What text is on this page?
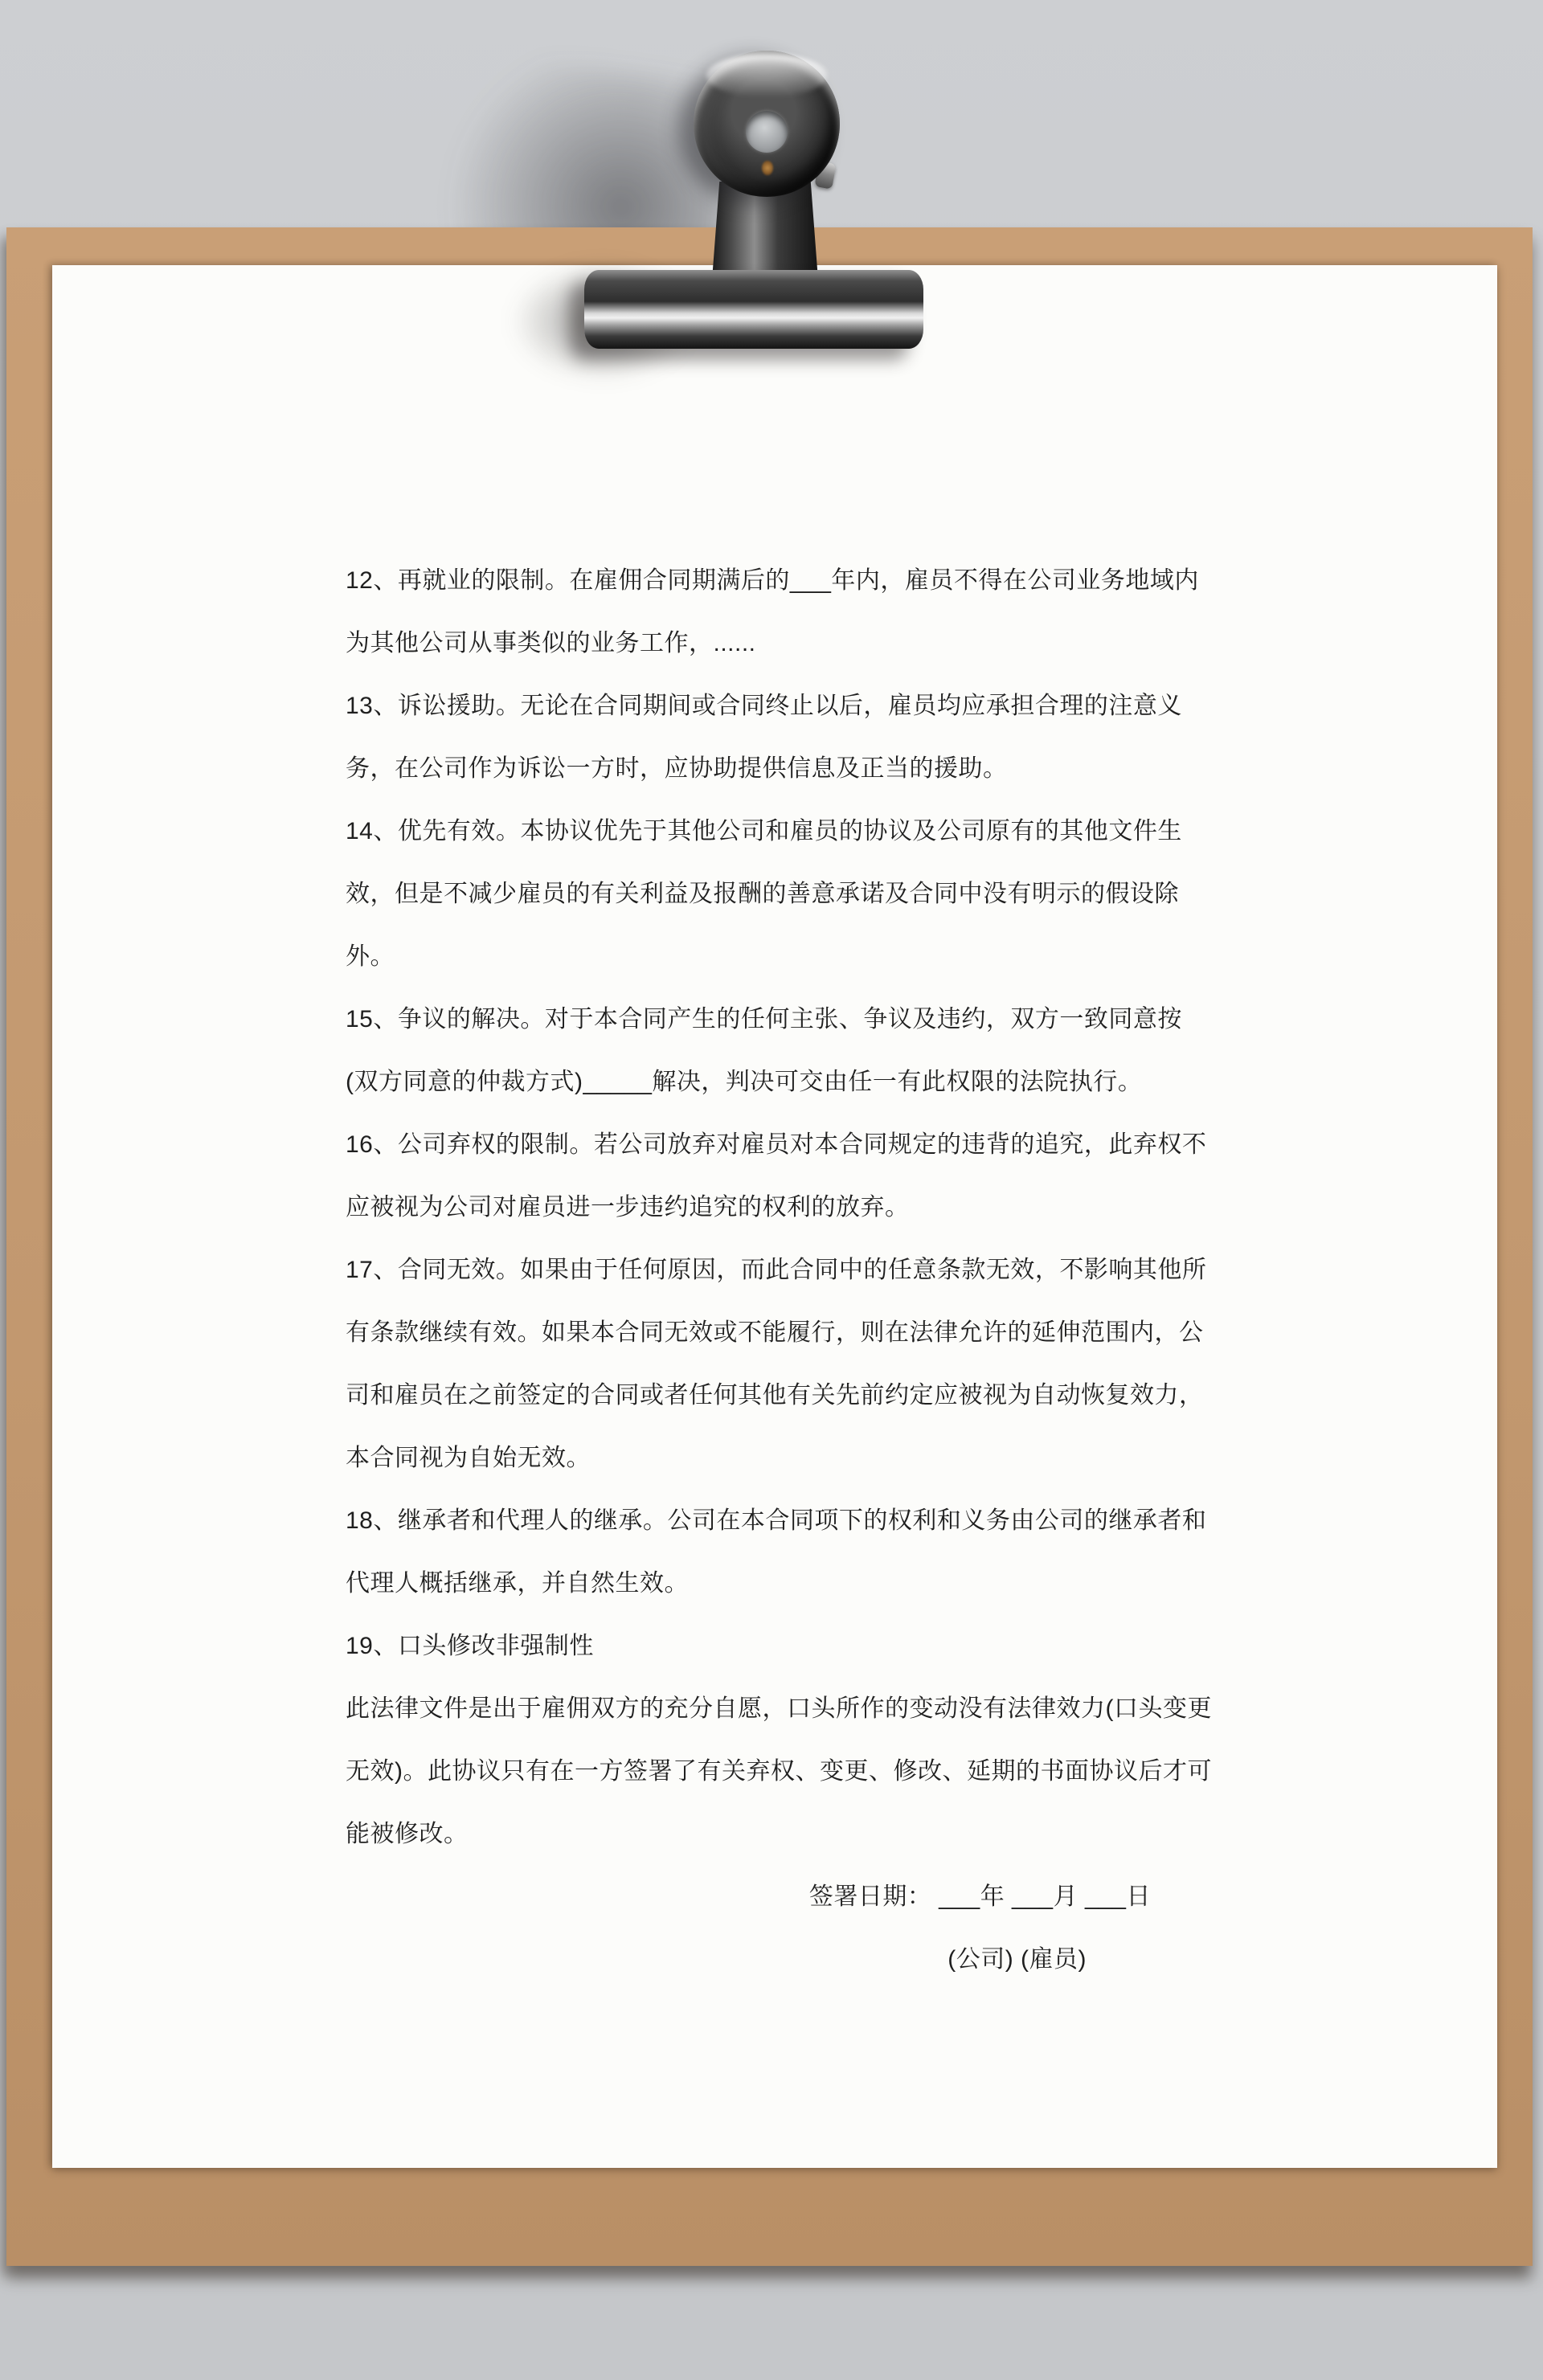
12、再就业的限制。在雇佣合同期满后的___年内，雇员不得在公司业务地域内为其他公司从事类似的业务工作，......

13、诉讼援助。无论在合同期间或合同终止以后，雇员均应承担合理的注意义务，在公司作为诉讼一方时，应协助提供信息及正当的援助。

14、优先有效。本协议优先于其他公司和雇员的协议及公司原有的其他文件生效，但是不减少雇员的有关利益及报酬的善意承诺及合同中没有明示的假设除外。

15、争议的解决。对于本合同产生的任何主张、争议及违约，双方一致同意按(双方同意的仲裁方式)_____解决，判决可交由任一有此权限的法院执行。

16、公司弃权的限制。若公司放弃对雇员对本合同规定的违背的追究，此弃权不应被视为公司对雇员进一步违约追究的权利的放弃。

17、合同无效。如果由于任何原因，而此合同中的任意条款无效，不影响其他所有条款继续有效。如果本合同无效或不能履行，则在法律允许的延伸范围内，公司和雇员在之前签定的合同或者任何其他有关先前约定应被视为自动恢复效力，本合同视为自始无效。

18、继承者和代理人的继承。公司在本合同项下的权利和义务由公司的继承者和代理人概括继承，并自然生效。

19、口头修改非强制性

此法律文件是出于雇佣双方的充分自愿，口头所作的变动没有法律效力(口头变更无效)。此协议只有在一方签署了有关弃权、变更、修改、延期的书面协议后才可能被修改。

签署日期： ___年 ___月 ___日

(公司) (雇员)
